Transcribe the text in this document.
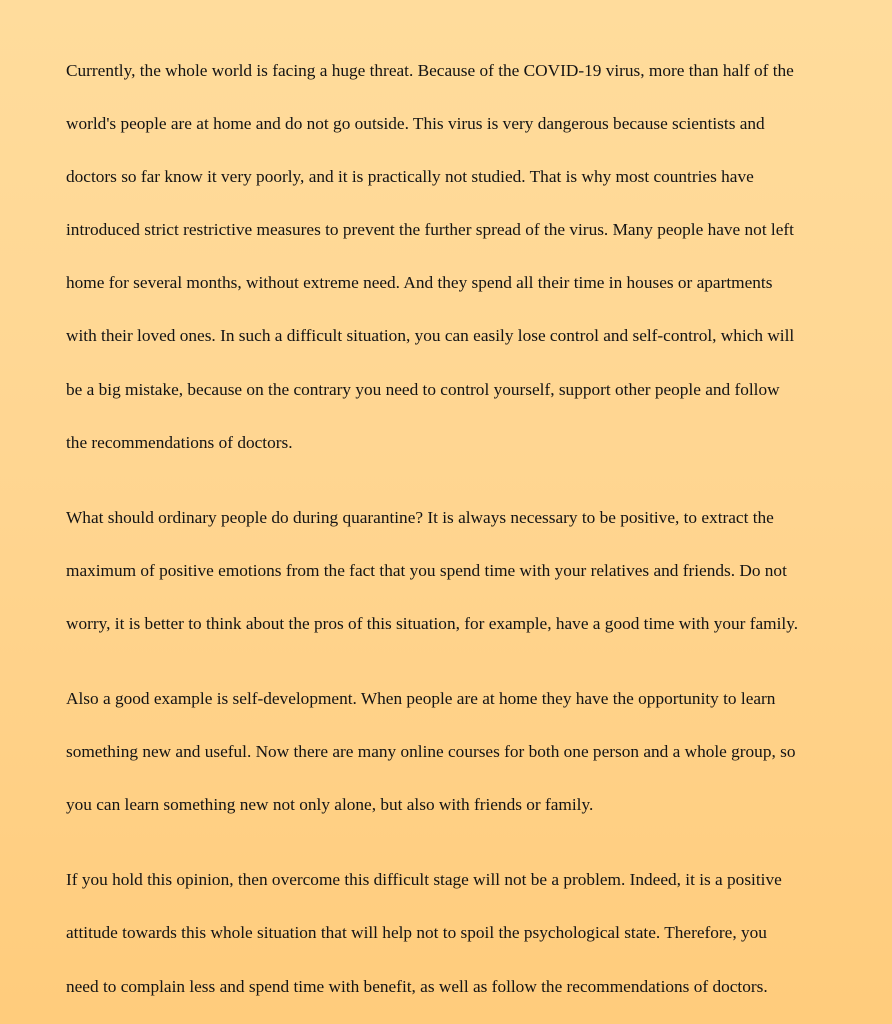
Currently, the whole world is facing a huge threat. Because of the COVID-19 virus, more than half of the
world's people are at home and do not go outside. This virus is very dangerous because scientists and
doctors so far know it very poorly, and it is practically not studied. That is why most countries have
introduced strict restrictive measures to prevent the further spread of the virus. Many people have not left
home for several months, without extreme need. And they spend all their time in houses or apartments
with their loved ones. In such a difficult situation, you can easily lose control and self-control, which will
be a big mistake, because on the contrary you need to control yourself, support other people and follow
the recommendations of doctors.

What should ordinary people do during quarantine? It is always necessary to be positive, to extract the
maximum of positive emotions from the fact that you spend time with your relatives and friends. Do not
worry, it is better to think about the pros of this situation, for example, have a good time with your family.

Also a good example is self-development. When people are at home they have the opportunity to learn
something new and useful. Now there are many online courses for both one person and a whole group, so
you can learn something new not only alone, but also with friends or family.

If you hold this opinion, then overcome this difficult stage will not be a problem. Indeed, it is a positive
attitude towards this whole situation that will help not to spoil the psychological state. Therefore, you
need to complain less and spend time with benefit, as well as follow the recommendations of doctors.
